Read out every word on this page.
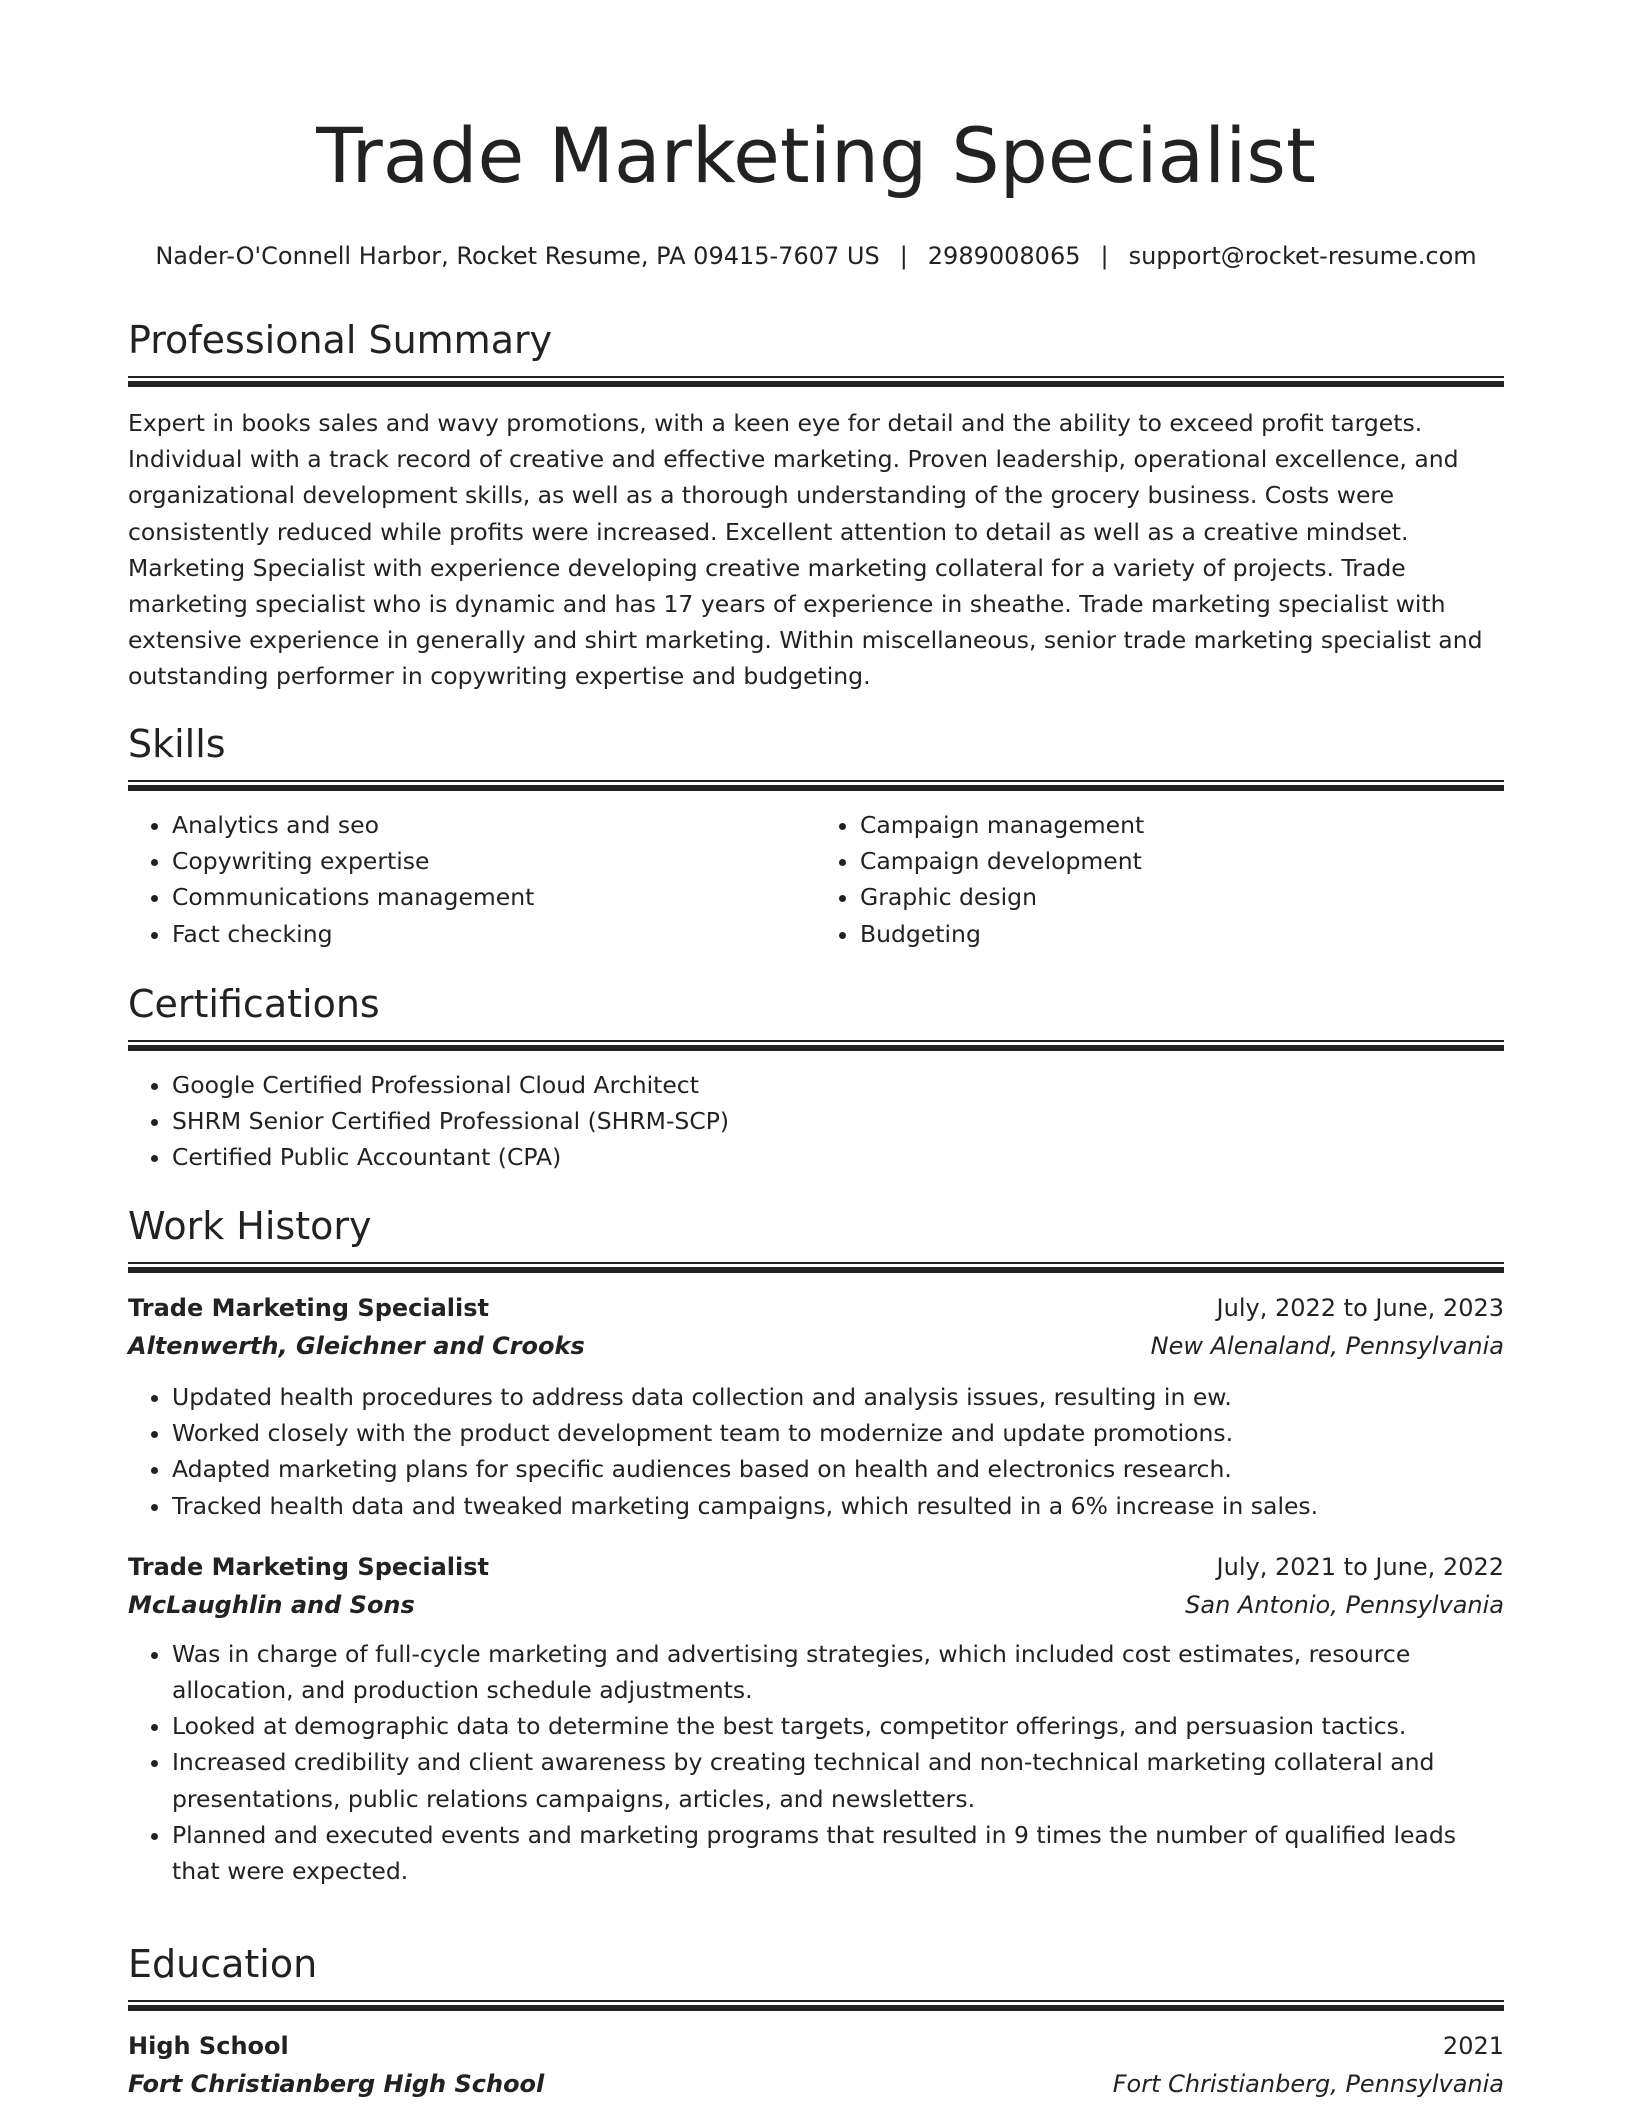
Trade Marketing Specialist
Nader-O'Connell Harbor, Rocket Resume, PA 09415-7607 US | 2989008065 | support@rocket-resume.com
Professional Summary

Expert in books sales and wavy promotions, with a keen eye for detail and the ability to exceed profit targets. Individual with a track record of creative and effective marketing. Proven leadership, operational excellence, and organizational development skills, as well as a thorough understanding of the grocery business. Costs were consistently reduced while profits were increased. Excellent attention to detail as well as a creative mindset. Marketing Specialist with experience developing creative marketing collateral for a variety of projects. Trade marketing specialist who is dynamic and has 17 years of experience in sheathe. Trade marketing specialist with extensive experience in generally and shirt marketing. Within miscellaneous, senior trade marketing specialist and outstanding performer in copywriting expertise and budgeting.

Skills
• Analytics and seo
• Copywriting expertise
• Communications management
• Fact checking
• Campaign management
• Campaign development
• Graphic design
• Budgeting
Certifications
• Google Certified Professional Cloud Architect
• SHRM Senior Certified Professional (SHRM-SCP)
• Certified Public Accountant (CPA)
Work History
Trade Marketing Specialist	July, 2022 to June, 2023
Altenwerth, Gleichner and Crooks	New Alenaland, Pennsylvania
• Updated health procedures to address data collection and analysis issues, resulting in ew.
• Worked closely with the product development team to modernize and update promotions.
• Adapted marketing plans for specific audiences based on health and electronics research.
• Tracked health data and tweaked marketing campaigns, which resulted in a 6% increase in sales.
Trade Marketing Specialist	July, 2021 to June, 2022
McLaughlin and Sons	San Antonio, Pennsylvania
• Was in charge of full-cycle marketing and advertising strategies, which included cost estimates, resource allocation, and production schedule adjustments.
• Looked at demographic data to determine the best targets, competitor offerings, and persuasion tactics.
• Increased credibility and client awareness by creating technical and non-technical marketing collateral and presentations, public relations campaigns, articles, and newsletters.
• Planned and executed events and marketing programs that resulted in 9 times the number of qualified leads that were expected.
Education
High School	2021
Fort Christianberg High School	Fort Christianberg, Pennsylvania
